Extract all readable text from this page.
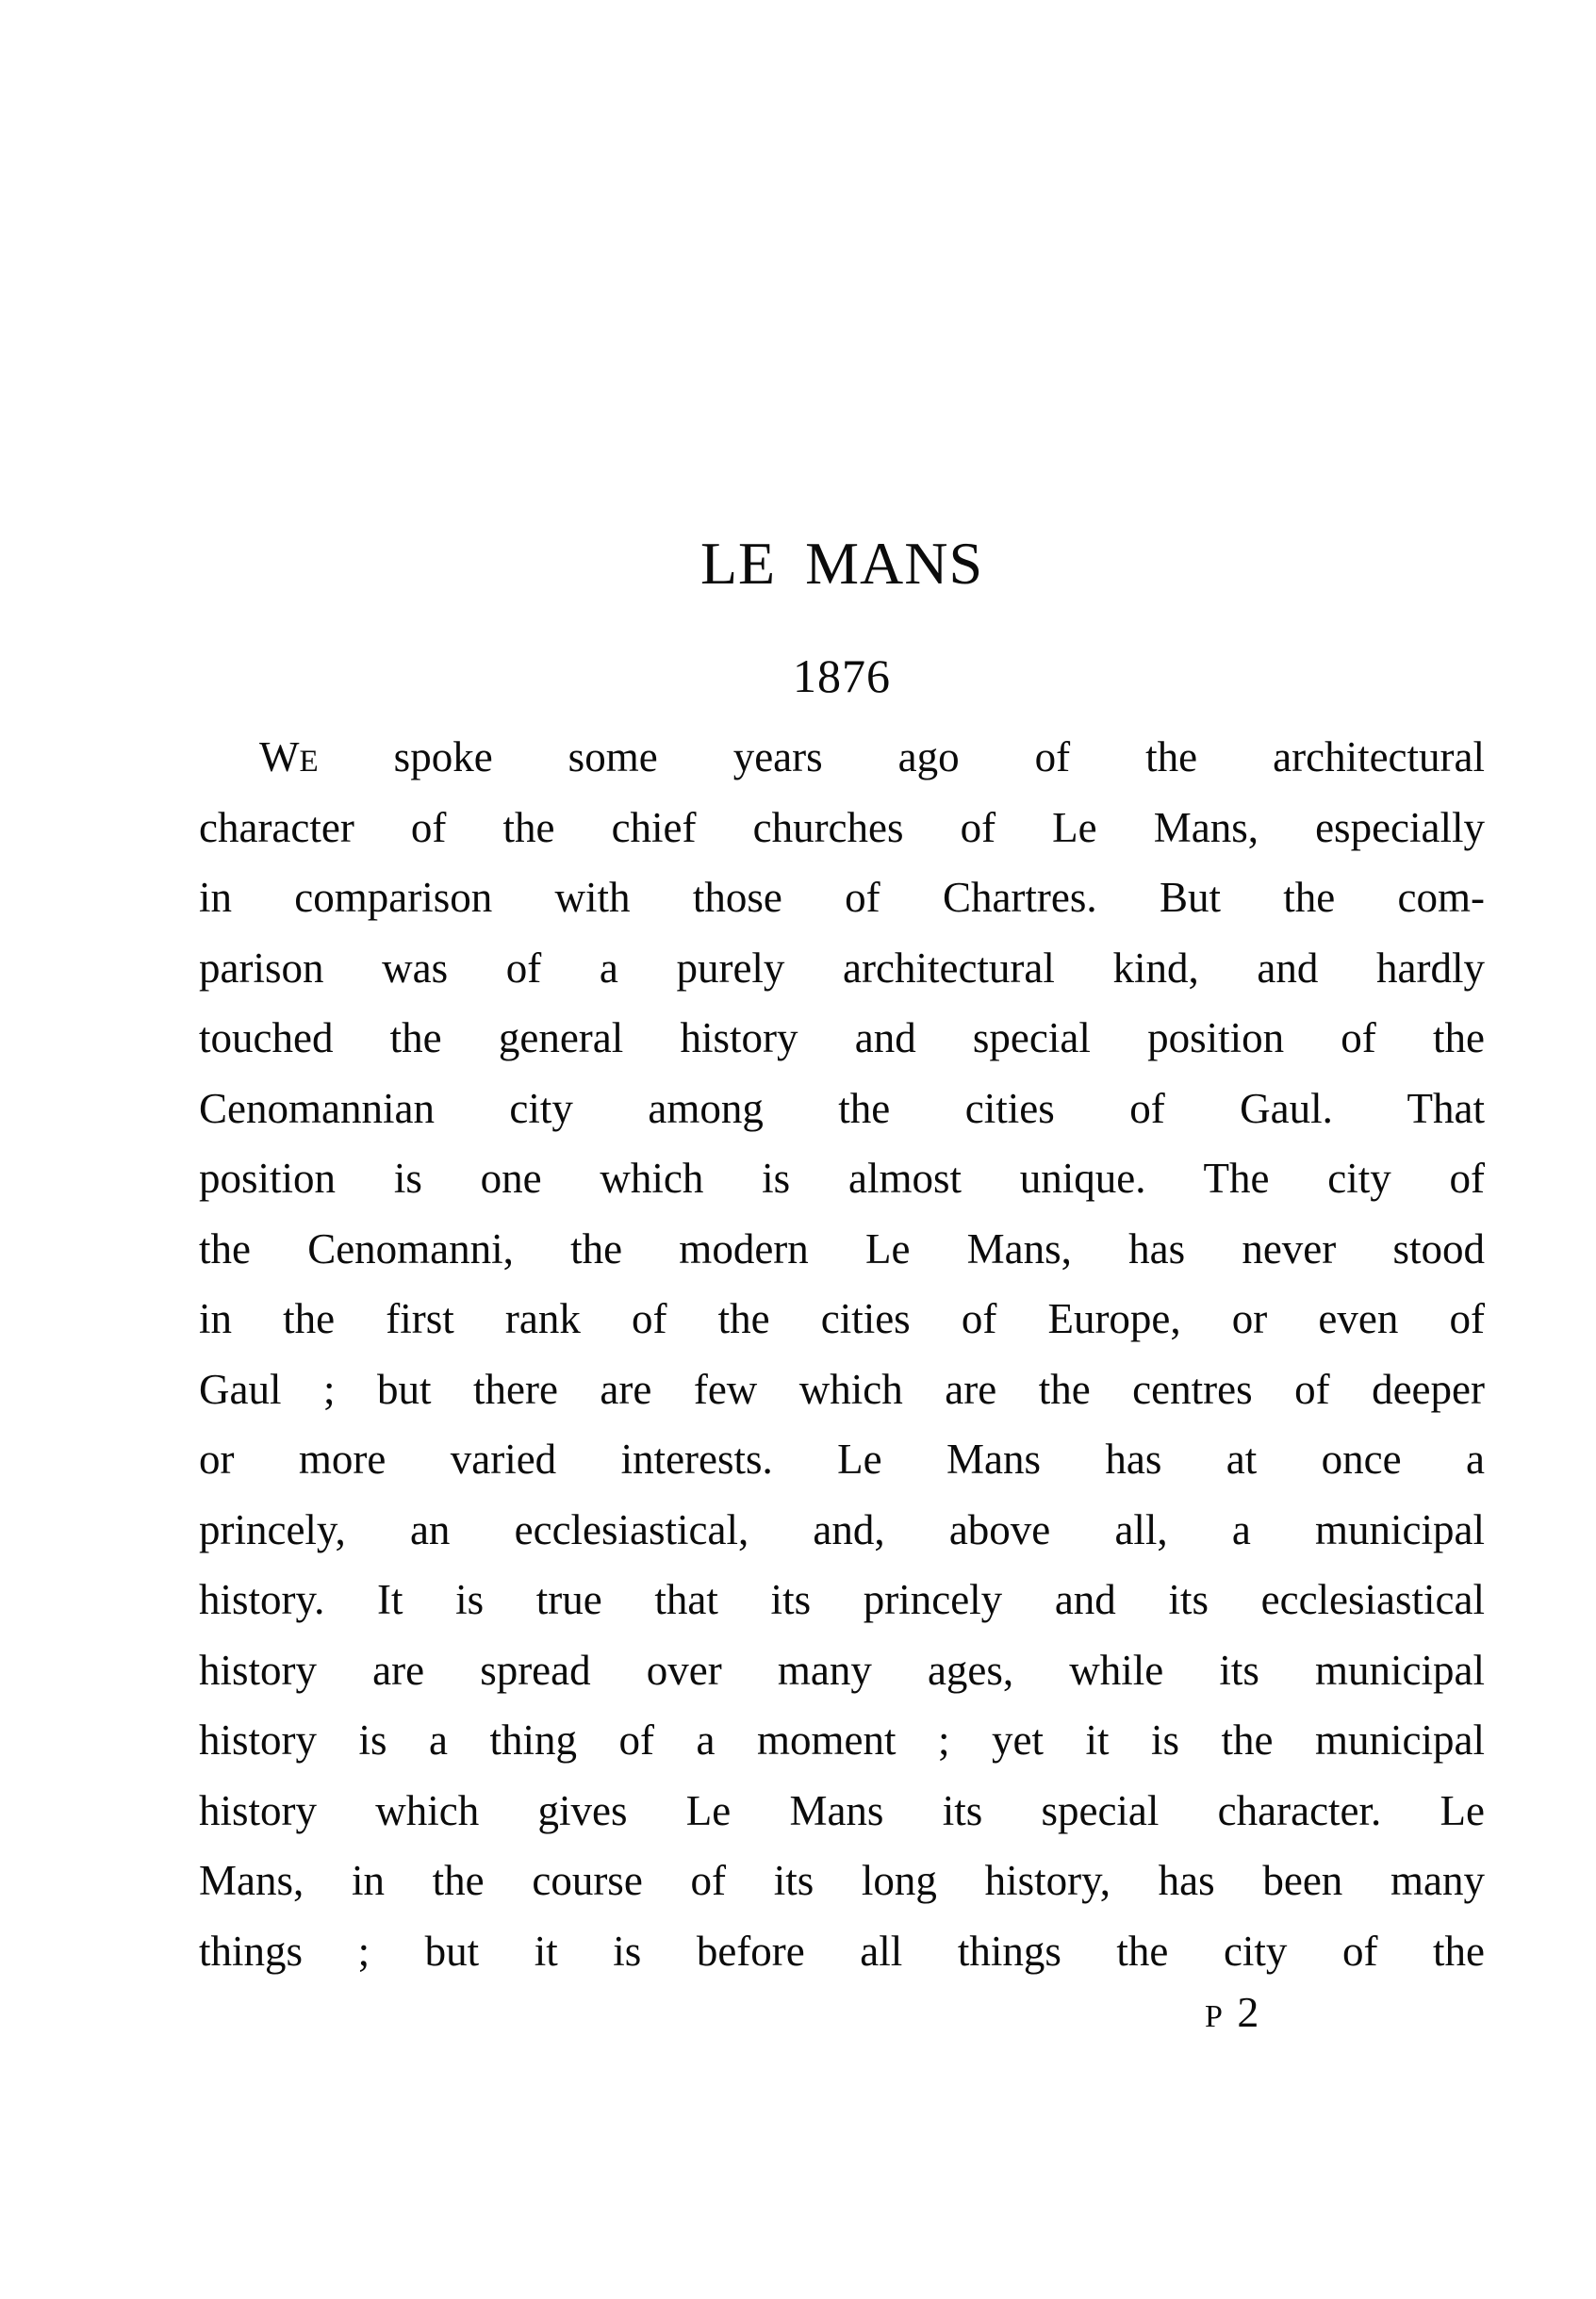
LE MANS
1876
WE spoke some years ago of the architectural
character of the chief churches of Le Mans, especially
in comparison with those of Chartres. But the com-
parison was of a purely architectural kind, and hardly
touched the general history and special position of the
Cenomannian city among the cities of Gaul. That
position is one which is almost unique. The city of
the Cenomanni, the modern Le Mans, has never stood
in the first rank of the cities of Europe, or even of
Gaul ; but there are few which are the centres of deeper
or more varied interests. Le Mans has at once a
princely, an ecclesiastical, and, above all, a municipal
history. It is true that its princely and its ecclesiastical
history are spread over many ages, while its municipal
history is a thing of a moment ; yet it is the municipal
history which gives Le Mans its special character. Le
Mans, in the course of its long history, has been many
things ; but it is before all things the city of the
P 2
